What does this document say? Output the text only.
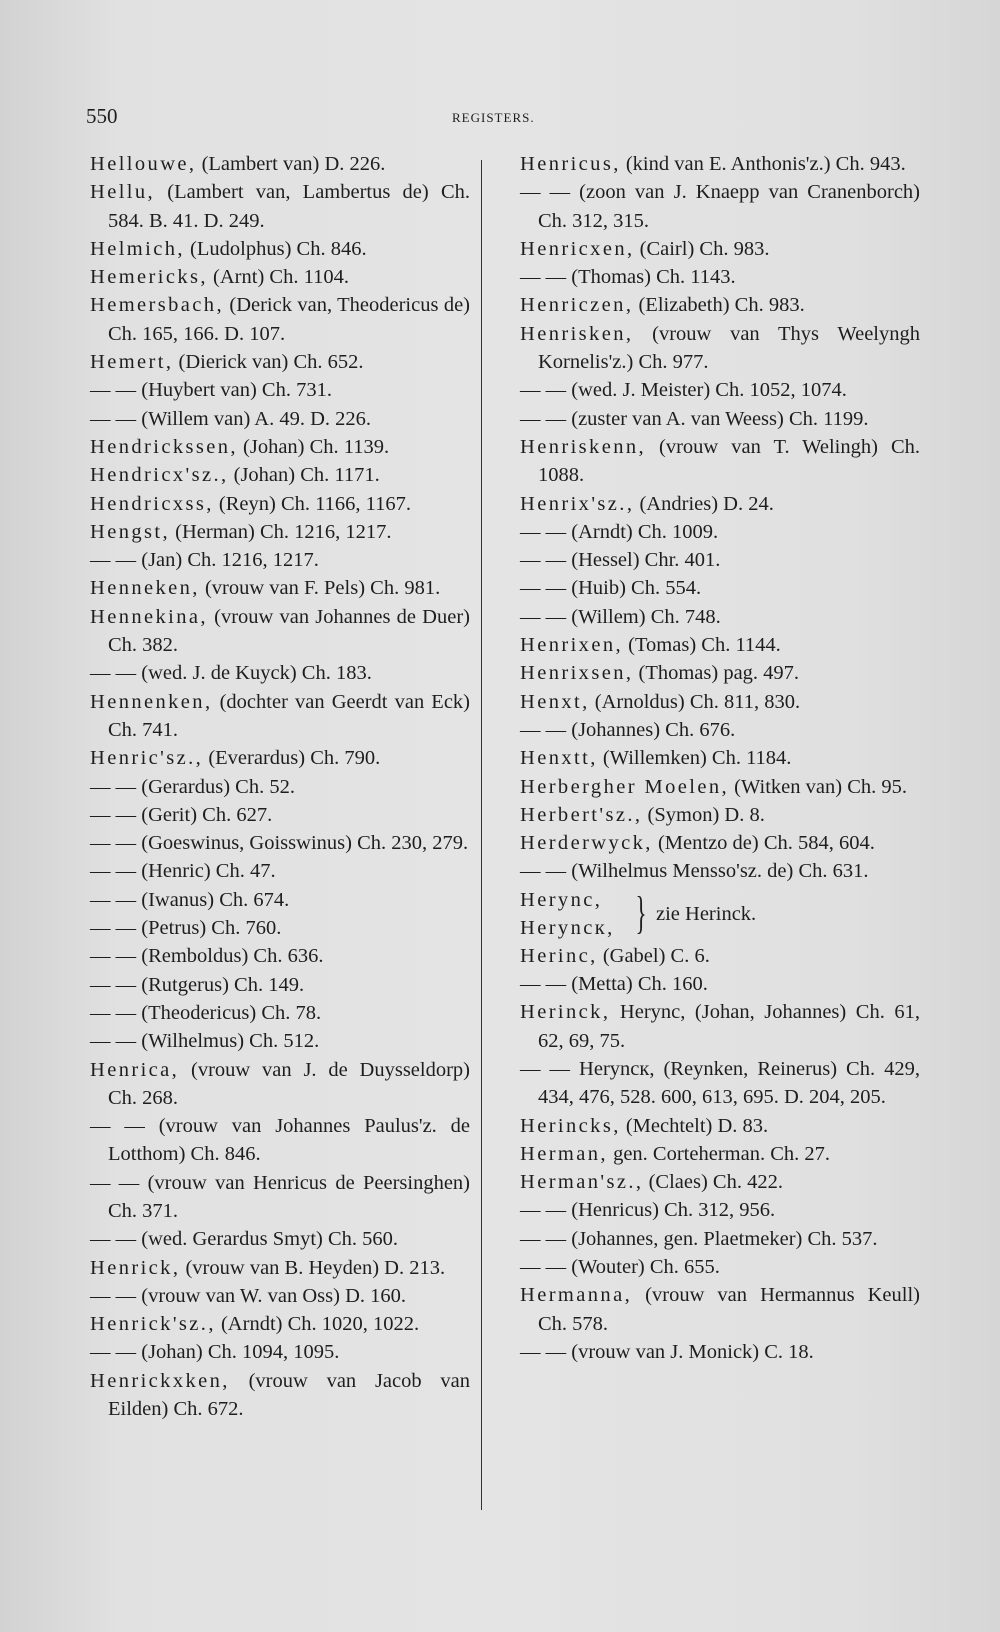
550	REGISTERS.

Hellouwe, (Lambert van) D. 226.

Hellu, (Lambert van, Lambertus de) Ch. 584. B. 41. D. 249.

Helmich, (Ludolphus) Ch. 846.

Hemericks, (Arnt) Ch. 1104.

Hemersbach, (Derick van, Theodericus de) Ch. 165, 166. D. 107.

Hemert, (Dierick van) Ch. 652.

— — (Huybert van) Ch. 731.

— — (Willem van) A. 49. D. 226.

Hendrickssen, (Johan) Ch. 1139.

Hendricx'sz., (Johan) Ch. 1171.

Hendricxss, (Reyn) Ch. 1166, 1167.

Hengst, (Herman) Ch. 1216, 1217.

— — (Jan) Ch. 1216, 1217.

Henneken, (vrouw van F. Pels) Ch. 981.

Hennekina, (vrouw van Johannes de Duer) Ch. 382.

— — (wed. J. de Kuyck) Ch. 183.

Hennenken, (dochter van Geerdt van Eck) Ch. 741.

Henric'sz., (Everardus) Ch. 790.

— — (Gerardus) Ch. 52.

— — (Gerit) Ch. 627.

— — (Goeswinus, Goisswinus) Ch. 230, 279.

— — (Henric) Ch. 47.

— — (Iwanus) Ch. 674.

— — (Petrus) Ch. 760.

— — (Remboldus) Ch. 636.

— — (Rutgerus) Ch. 149.

— — (Theodericus) Ch. 78.

— — (Wilhelmus) Ch. 512.

Henrica, (vrouw van J. de Duysseldorp) Ch. 268.

— — (vrouw van Johannes Paulus'z. de Lotthom) Ch. 846.

— — (vrouw van Henricus de Peersinghen) Ch. 371.

— — (wed. Gerardus Smyt) Ch. 560.

Henrick, (vrouw van B. Heyden) D. 213.

— — (vrouw van W. van Oss) D. 160.

Henrick'sz., (Arndt) Ch. 1020, 1022.

— — (Johan) Ch. 1094, 1095.

Henrickxken, (vrouw van Jacob van Eilden) Ch. 672.

Henricus, (kind van E. Anthonis'z.) Ch. 943.

— — (zoon van J. Knaepp van Cranenborch) Ch. 312, 315.

Henricxen, (Cairl) Ch. 983.

— — (Thomas) Ch. 1143.

Henriczen, (Elizabeth) Ch. 983.

Henrisken, (vrouw van Thys Weelyngh Kornelis'z.) Ch. 977.

— — (wed. J. Meister) Ch. 1052, 1074.

— — (zuster van A. van Weess) Ch. 1199.

Henriskenn, (vrouw van T. Welingh) Ch. 1088.

Henrix'sz., (Andries) D. 24.

— — (Arndt) Ch. 1009.

— — (Hessel) Chr. 401.

— — (Huib) Ch. 554.

— — (Willem) Ch. 748.

Henrixen, (Tomas) Ch. 1144.

Henrixsen, (Thomas) pag. 497.

Henxt, (Arnoldus) Ch. 811, 830.

— — (Johannes) Ch. 676.

Henxtt, (Willemken) Ch. 1184.

Herbergher Moelen, (Witken van) Ch. 95.

Herbert'sz., (Symon) D. 8.

Herderwyck, (Mentzo de) Ch. 584, 604.

— — (Wilhelmus Mensso'sz. de) Ch. 631.

Herync,
Heryncк, } zie Herinck.

Herinc, (Gabel) C. 6.

— — (Metta) Ch. 160.

Herinck, Herync, (Johan, Johannes) Ch. 61, 62, 69, 75.

— — Heryncк, (Reynken, Reinerus) Ch. 429, 434, 476, 528. 600, 613, 695. D. 204, 205.

Herincks, (Mechtelt) D. 83.

Herman, gen. Corteherman. Ch. 27.

Herman'sz., (Claes) Ch. 422.

— — (Henricus) Ch. 312, 956.

— — (Johannes, gen. Plaetmeker) Ch. 537.

— — (Wouter) Ch. 655.

Hermanna, (vrouw van Hermannus Keull) Ch. 578.

— — (vrouw van J. Monick) C. 18.
